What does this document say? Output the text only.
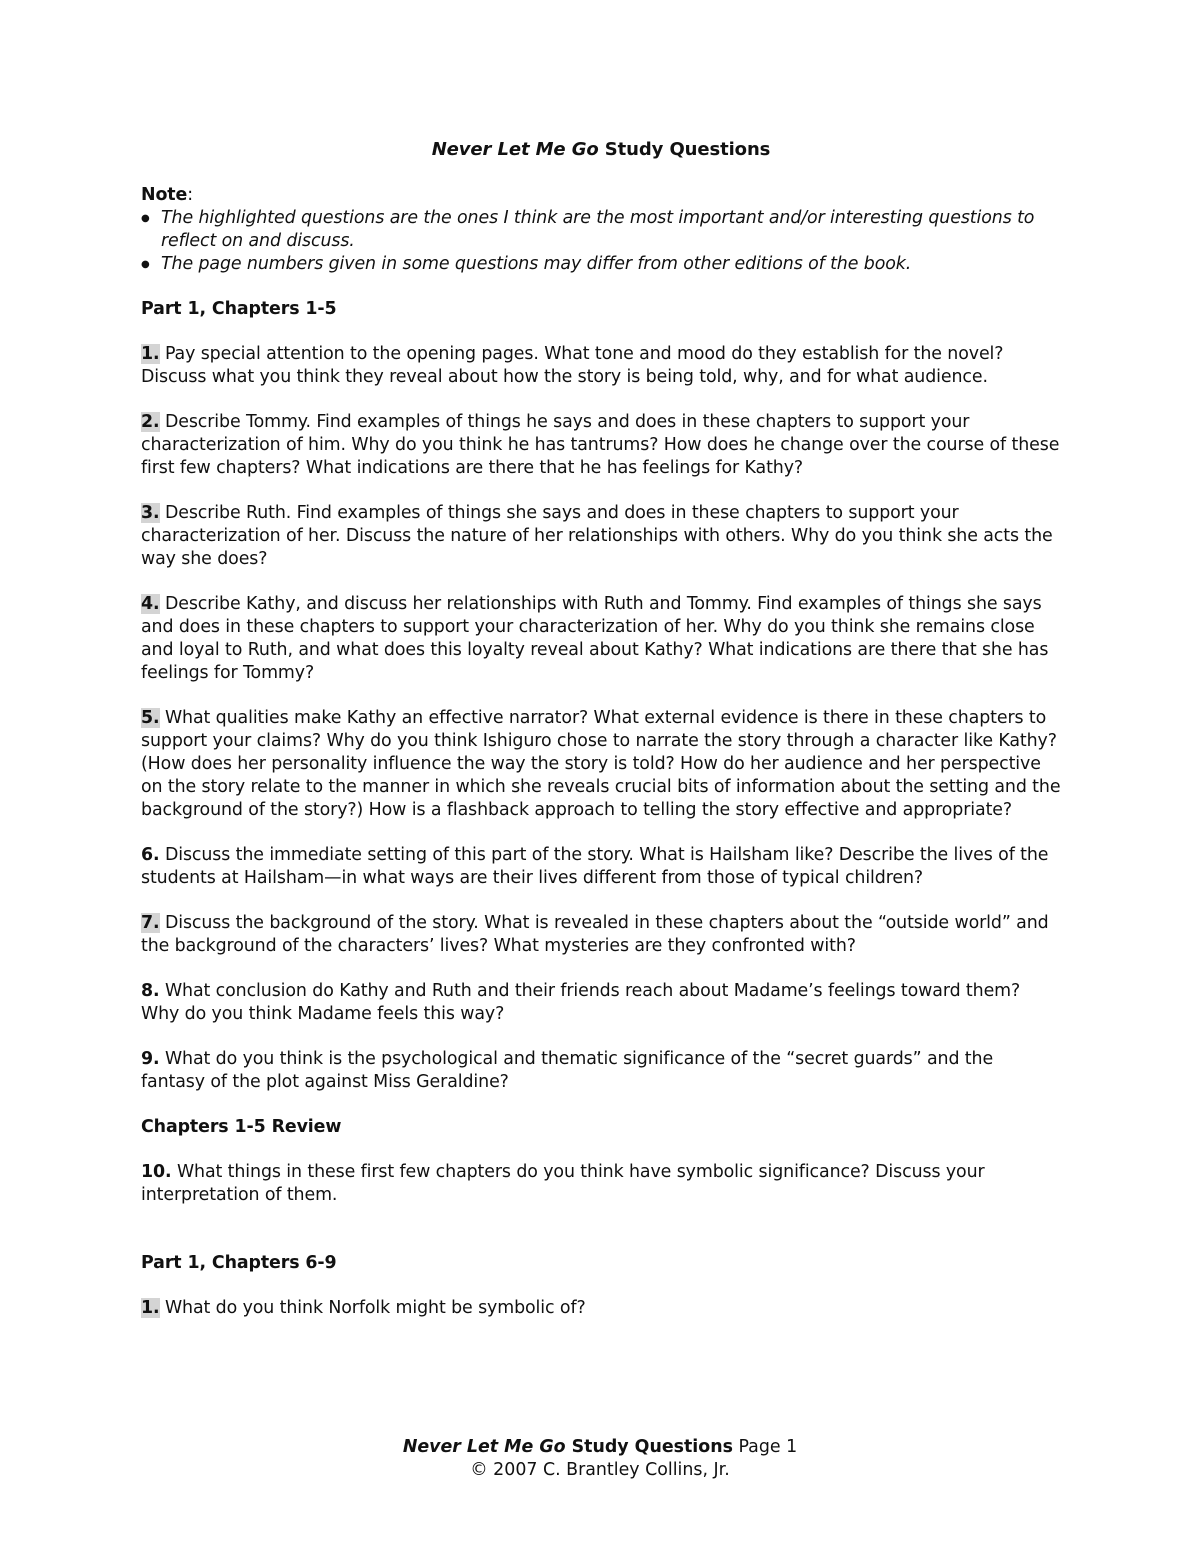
Never Let Me Go Study Questions

Note:

● The highlighted questions are the ones I think are the most important and/or interesting questions to reflect on and discuss.
● The page numbers given in some questions may differ from other editions of the book.

Part 1, Chapters 1-5

1. Pay special attention to the opening pages. What tone and mood do they establish for the novel? Discuss what you think they reveal about how the story is being told, why, and for what audience.

2. Describe Tommy. Find examples of things he says and does in these chapters to support your characterization of him. Why do you think he has tantrums? How does he change over the course of these first few chapters? What indications are there that he has feelings for Kathy?

3. Describe Ruth. Find examples of things she says and does in these chapters to support your characterization of her. Discuss the nature of her relationships with others. Why do you think she acts the way she does?

4. Describe Kathy, and discuss her relationships with Ruth and Tommy. Find examples of things she says and does in these chapters to support your characterization of her. Why do you think she remains close and loyal to Ruth, and what does this loyalty reveal about Kathy? What indications are there that she has feelings for Tommy?

5. What qualities make Kathy an effective narrator? What external evidence is there in these chapters to support your claims? Why do you think Ishiguro chose to narrate the story through a character like Kathy? (How does her personality influence the way the story is told? How do her audience and her perspective on the story relate to the manner in which she reveals crucial bits of information about the setting and the background of the story?) How is a flashback approach to telling the story effective and appropriate?

6. Discuss the immediate setting of this part of the story. What is Hailsham like? Describe the lives of the students at Hailsham—in what ways are their lives different from those of typical children?

7. Discuss the background of the story. What is revealed in these chapters about the “outside world” and the background of the characters’ lives? What mysteries are they confronted with?

8. What conclusion do Kathy and Ruth and their friends reach about Madame’s feelings toward them? Why do you think Madame feels this way?

9. What do you think is the psychological and thematic significance of the “secret guards” and the fantasy of the plot against Miss Geraldine?

Chapters 1-5 Review

10. What things in these first few chapters do you think have symbolic significance? Discuss your interpretation of them.

Part 1, Chapters 6-9

1. What do you think Norfolk might be symbolic of?

Never Let Me Go Study Questions Page 1
© 2007 C. Brantley Collins, Jr.
